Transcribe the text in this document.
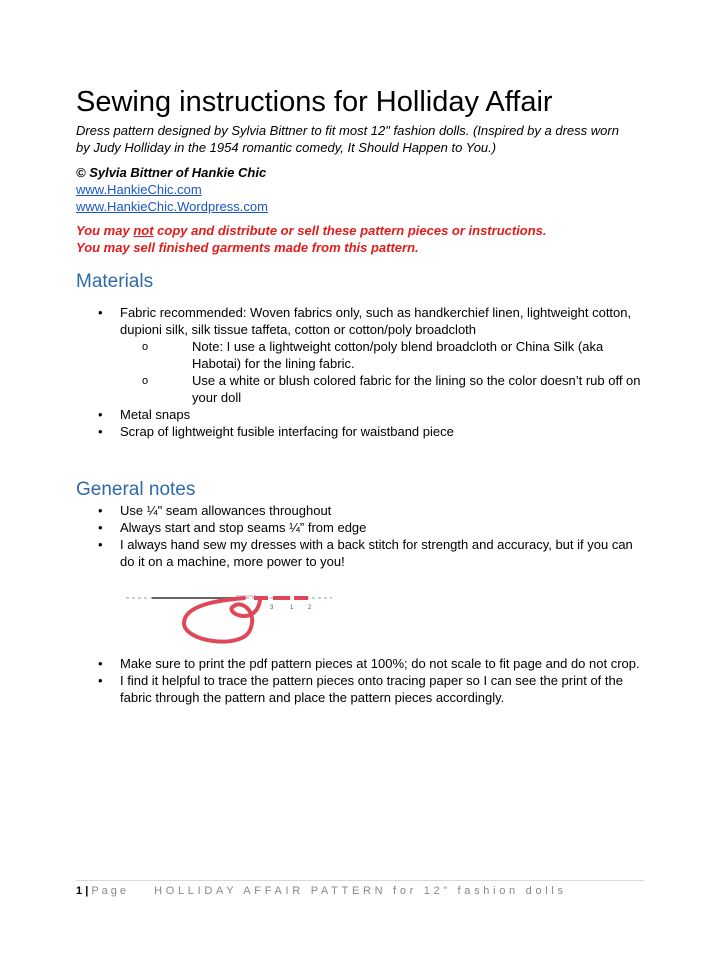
Sewing instructions for Holliday Affair
Dress pattern designed by Sylvia Bittner to fit most 12" fashion dolls. (Inspired by a dress worn by Judy Holliday in the 1954 romantic comedy, It Should Happen to You.)
© Sylvia Bittner of Hankie Chic
www.HankieChic.com
www.HankieChic.Wordpress.com
You may not copy and distribute or sell these pattern pieces or instructions.
You may sell finished garments made from this pattern.
Materials
• Fabric recommended: Woven fabrics only, such as handkerchief linen, lightweight cotton, dupioni silk, silk tissue taffeta, cotton or cotton/poly broadcloth
o	Note: I use a lightweight cotton/poly blend broadcloth or China Silk (aka Habotai) for the lining fabric.
o	Use a white or blush colored fabric for the lining so the color doesn’t rub off on your doll
• Metal snaps
• Scrap of lightweight fusible interfacing for waistband piece
General notes
• Use ¼" seam allowances throughout
• Always start and stop seams ¼” from edge
• I always hand sew my dresses with a back stitch for strength and accuracy, but if you can do it on a machine, more power to you!
3	1 2
• Make sure to print the pdf pattern pieces at 100%; do not scale to fit page and do not crop.
• I find it helpful to trace the pattern pieces onto tracing paper so I can see the print of the fabric through the pattern and place the pattern pieces accordingly.
1 | Page HOLLIDAY AFFAIR PATTERN for 12” fashion dolls
